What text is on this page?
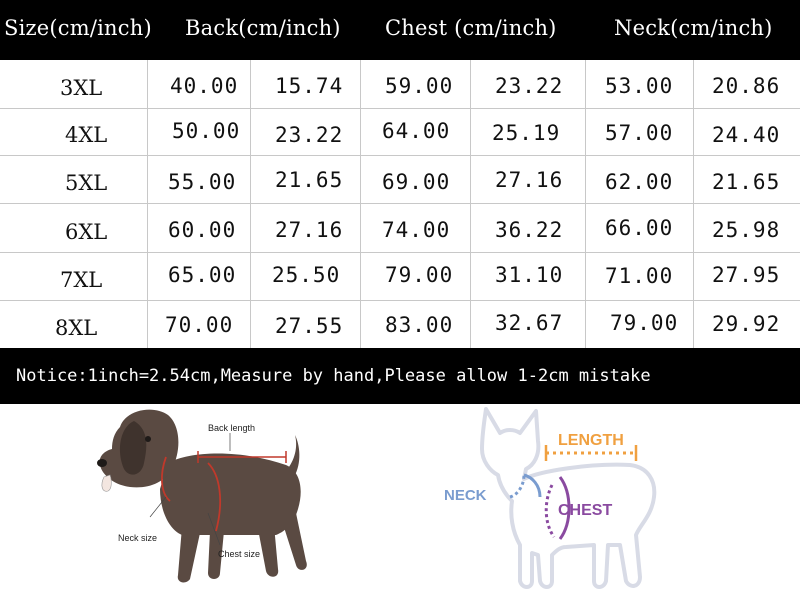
Size(cm/inch) Back(cm/inch) Chest (cm/inch)	Neck(cm/inch)
3XL	40.00 15.74 59.00 23.22 53.00 20.86
4XL	50.00 23.22 64.00 25.19 57.00 24.40
5XL	55.00 21.65 69.00 27.16 62.00 21.65
6XL	60.00 27.16 74.00 36.22 66.00 25.98
7XL	65.00 25.50 79.00 31.10 71.00 27.95
8XL	70.00 27.55 83.00 32.67 79.00 29.92
Notice:1inch=2.54cm,Measure by hand,Please allow 1-2cm mistake
Back length
Neck size
Chest size
LENGTH
NECK
CHEST
